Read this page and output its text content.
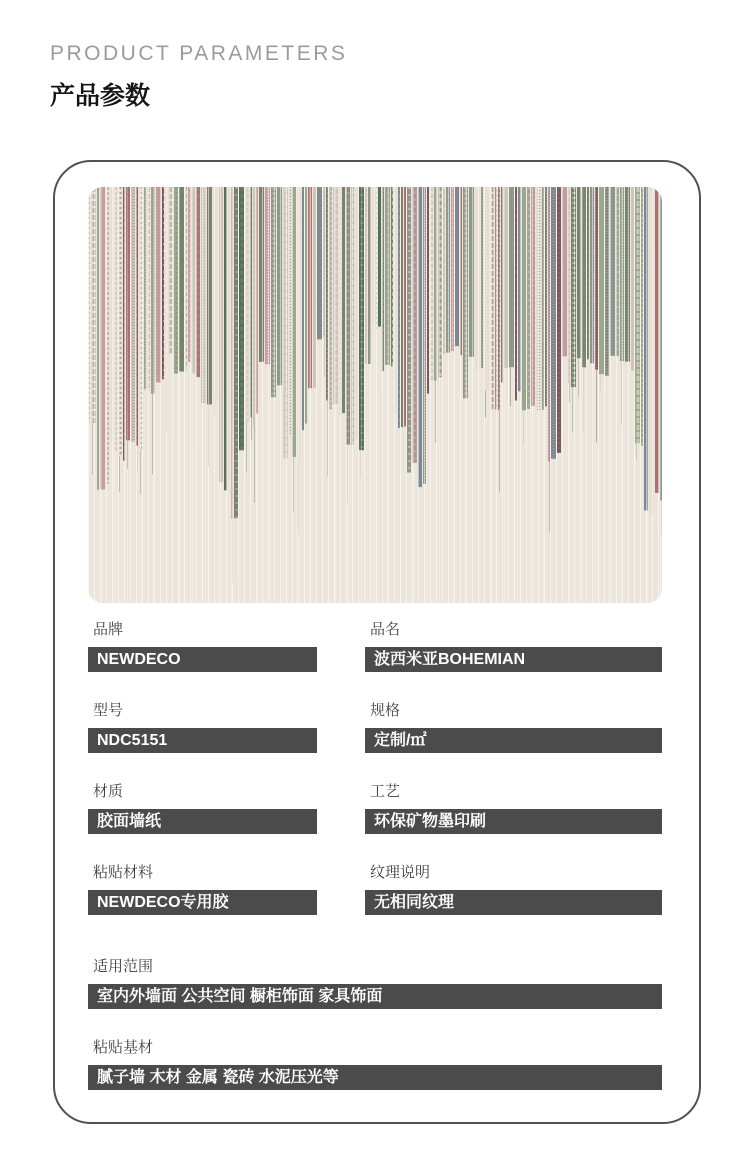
PRODUCT PARAMETERS
产品参数
品牌
NEWDECO
品名
波西米亚BOHEMIAN
型号
NDC5151
规格
定制/㎡
材质
胶面墙纸
工艺
环保矿物墨印刷
粘贴材料
NEWDECO专用胶
纹理说明
无相同纹理
适用范围
室内外墙面 公共空间 橱柜饰面 家具饰面
粘贴基材
腻子墙 木材 金属 瓷砖 水泥压光等
